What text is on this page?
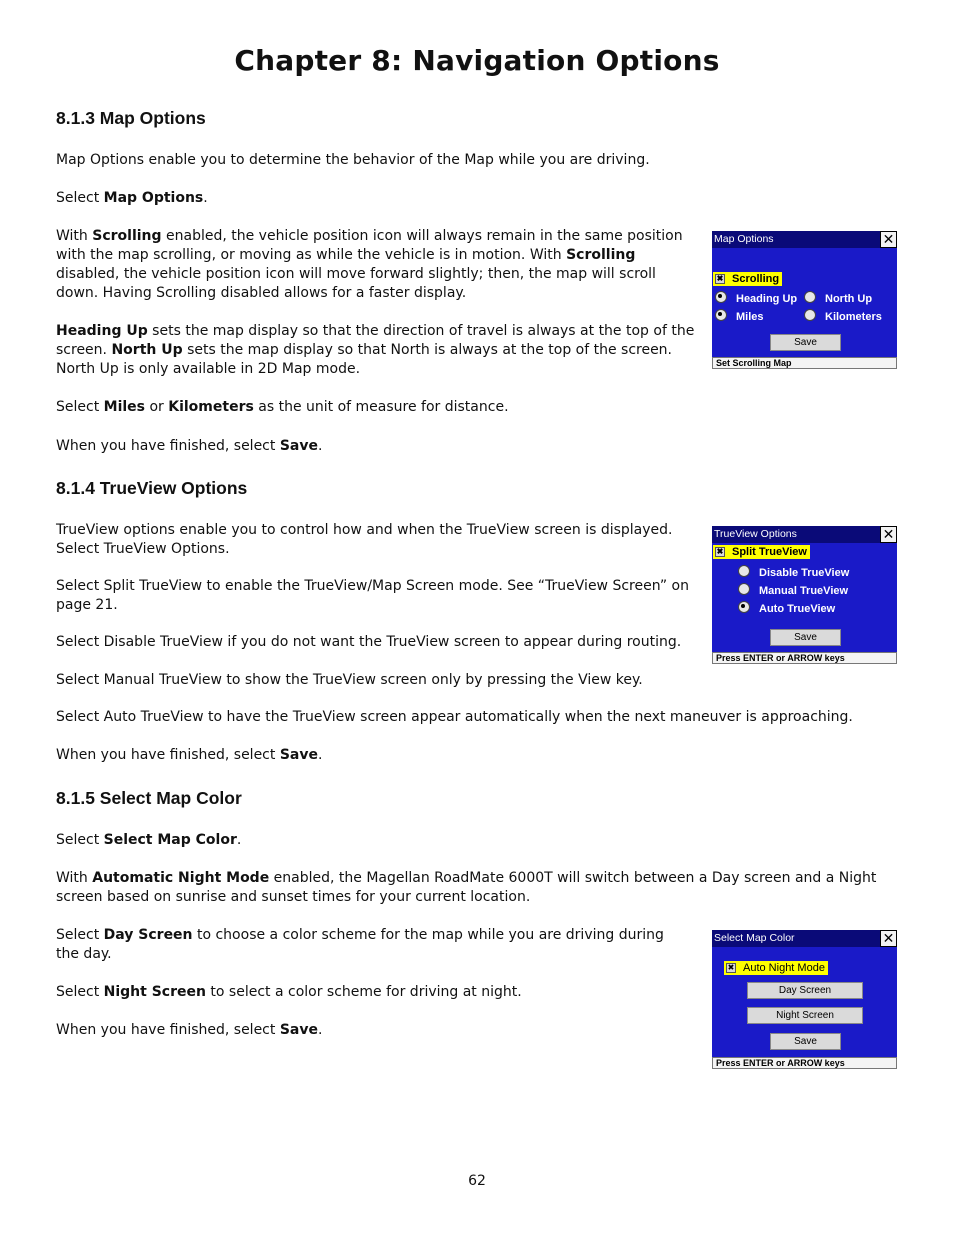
Chapter 8: Navigation Options
8.1.3 Map Options

Map Options enable you to determine the behavior of the Map while you are driving.

Select Map Options.

With Scrolling enabled, the vehicle position icon will always remain in the same position with the map scrolling, or moving as while the vehicle is in motion. With Scrolling disabled, the vehicle position icon will move forward slightly; then, the map will scroll down. Having Scrolling disabled allows for a faster display.

Heading Up sets the map display so that the direction of travel is always at the top of the screen. North Up sets the map display so that North is always at the top of the screen. North Up is only available in 2D Map mode.

Select Miles or Kilometers as the unit of measure for distance.

When you have finished, select Save.

Map Options	✕
✖ Scrolling
Heading Up	North Up
Miles	Kilometers
Save
Set Scrolling Map
8.1.4 TrueView Options

TrueView options enable you to control how and when the TrueView screen is displayed. Select TrueView Options.

Select Split TrueView to enable the TrueView/Map Screen mode. See “TrueView Screen” on page 21.

Select Disable TrueView if you do not want the TrueView screen to appear during routing.

Select Manual TrueView to show the TrueView screen only by pressing the View key.

Select Auto TrueView to have the TrueView screen appear automatically when the next maneuver is approaching.

When you have finished, select Save.

TrueView Options	✕
✖ Split TrueView
Disable TrueView
Manual TrueView
Auto TrueView
Save
Press ENTER or ARROW keys
8.1.5 Select Map Color

Select Select Map Color.

With Automatic Night Mode enabled, the Magellan RoadMate 6000T will switch between a Day screen and a Night screen based on sunrise and sunset times for your current location.

Select Day Screen to choose a color scheme for the map while you are driving during the day.

Select Night Screen to select a color scheme for driving at night.

When you have finished, select Save.

Select Map Color	✕
✖ Auto Night Mode
Day Screen
Night Screen
Save
Press ENTER or ARROW keys
62
